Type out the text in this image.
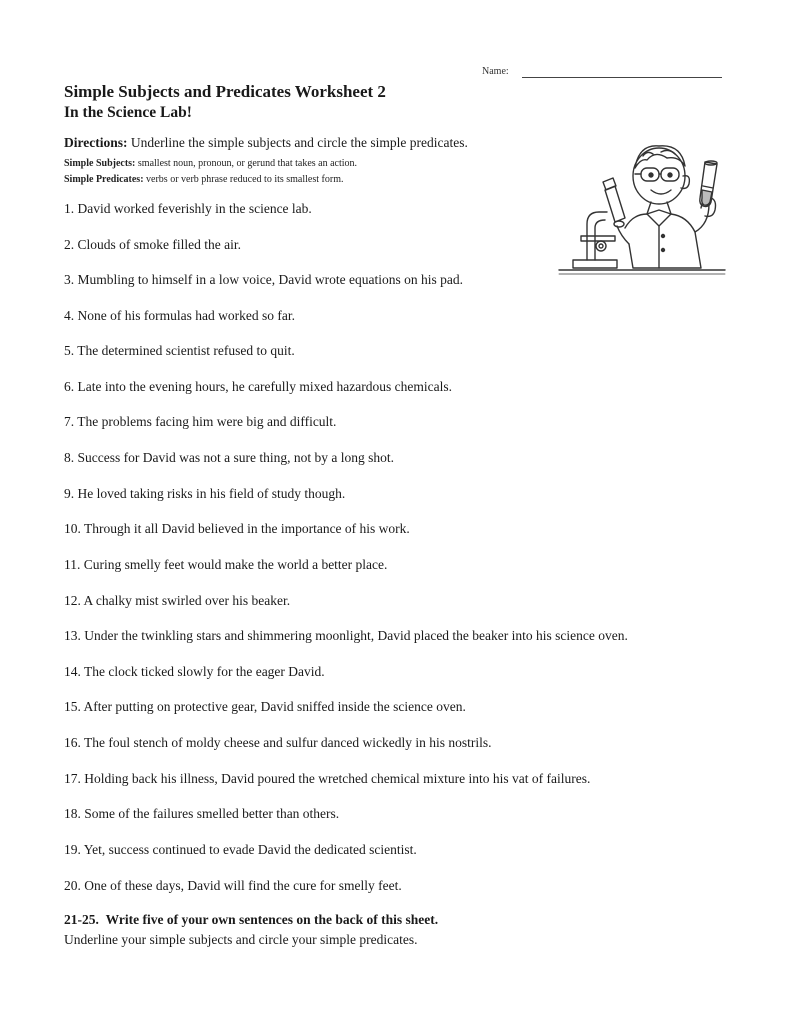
Name:
Simple Subjects and Predicates Worksheet 2
In the Science Lab!
Directions: Underline the simple subjects and circle the simple predicates.
Simple Subjects: smallest noun, pronoun, or gerund that takes an action.
Simple Predicates: verbs or verb phrase reduced to its smallest form.
1. David worked feverishly in the science lab.
2. Clouds of smoke filled the air.
3. Mumbling to himself in a low voice, David wrote equations on his pad.
4. None of his formulas had worked so far.
5. The determined scientist refused to quit.
6. Late into the evening hours, he carefully mixed hazardous chemicals.
7. The problems facing him were big and difficult.
8. Success for David was not a sure thing, not by a long shot.
9. He loved taking risks in his field of study though.
10. Through it all David believed in the importance of his work.
11. Curing smelly feet would make the world a better place.
12. A chalky mist swirled over his beaker.
13. Under the twinkling stars and shimmering moonlight, David placed the beaker into his science oven.
14. The clock ticked slowly for the eager David.
15. After putting on protective gear, David sniffed inside the science oven.
16. The foul stench of moldy cheese and sulfur danced wickedly in his nostrils.
17. Holding back his illness, David poured the wretched chemical mixture into his vat of failures.
18. Some of the failures smelled better than others.
19. Yet, success continued to evade David the dedicated scientist.
20. One of these days, David will find the cure for smelly feet.
21-25. Write five of your own sentences on the back of this sheet.
Underline your simple subjects and circle your simple predicates.
